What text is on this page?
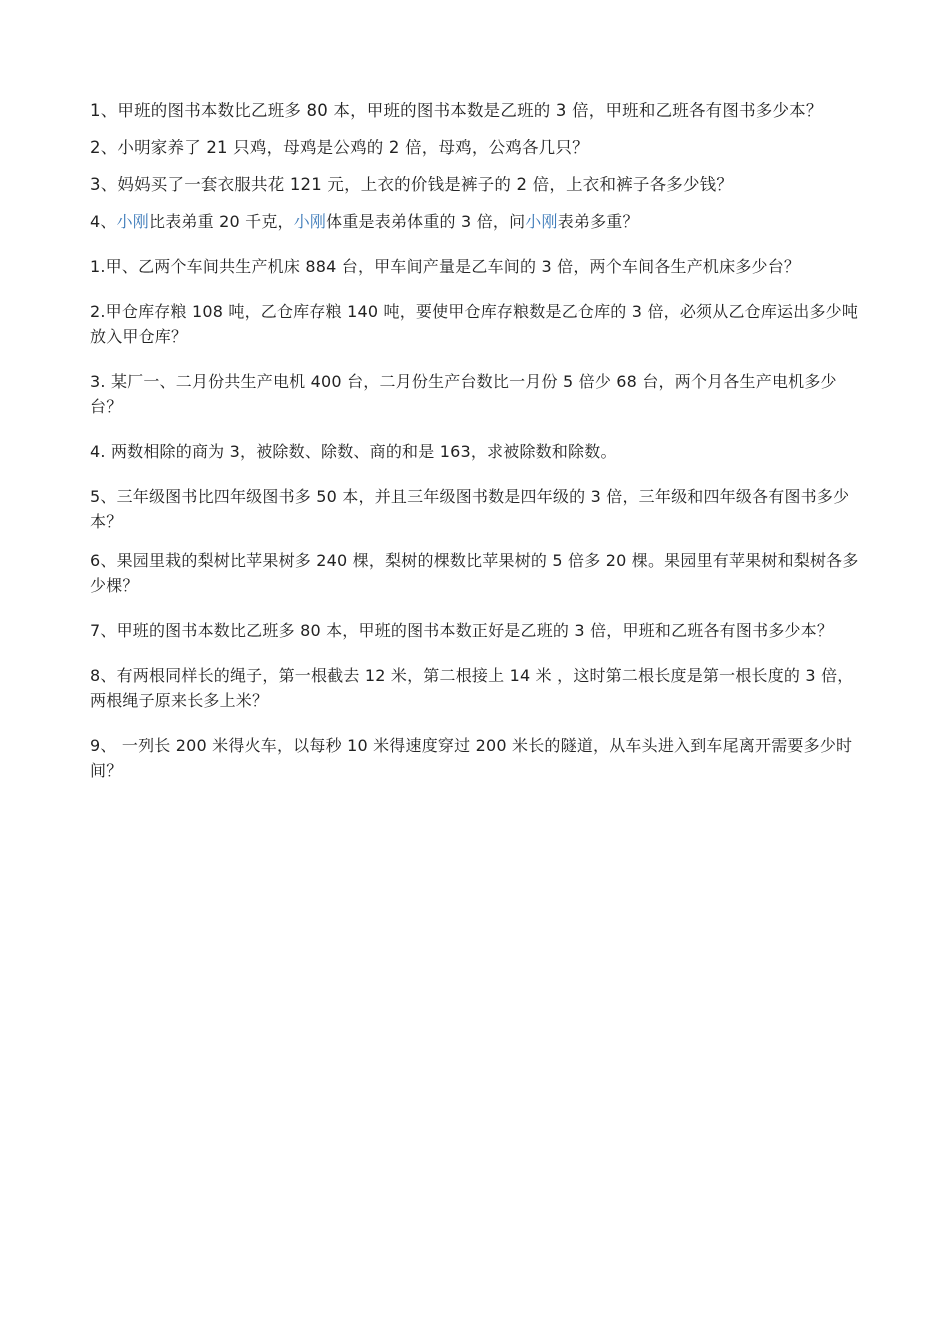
1、甲班的图书本数比乙班多 80 本，甲班的图书本数是乙班的 3 倍，甲班和乙班各有图书多少本？

2、小明家养了 21 只鸡，母鸡是公鸡的 2 倍，母鸡，公鸡各几只？

3、妈妈买了一套衣服共花 121 元，上衣的价钱是裤子的 2 倍，上衣和裤子各多少钱？

4、小刚比表弟重 20 千克，小刚体重是表弟体重的 3 倍，问小刚表弟多重？

1.甲、乙两个车间共生产机床 884 台，甲车间产量是乙车间的 3 倍，两个车间各生产机床多少台？

2.甲仓库存粮 108 吨，乙仓库存粮 140 吨，要使甲仓库存粮数是乙仓库的 3 倍，必须从乙仓库运出多少吨放入甲仓库？

3. 某厂一、二月份共生产电机 400 台，二月份生产台数比一月份 5 倍少 68 台，两个月各生产电机多少台？

4. 两数相除的商为 3，被除数、除数、商的和是 163，求被除数和除数。

5、三年级图书比四年级图书多 50 本，并且三年级图书数是四年级的 3 倍，三年级和四年级各有图书多少本？

6、果园里栽的梨树比苹果树多 240 棵，梨树的棵数比苹果树的 5 倍多 20 棵。果园里有苹果树和梨树各多少棵？

7、甲班的图书本数比乙班多 80 本，甲班的图书本数正好是乙班的 3 倍，甲班和乙班各有图书多少本？

8、有两根同样长的绳子，第一根截去 12 米，第二根接上 14 米 ，这时第二根长度是第一根长度的 3 倍，两根绳子原来长多上米？

9、 一列长 200 米得火车，以每秒 10 米得速度穿过 200 米长的隧道，从车头进入到车尾离开需要多少时间？
